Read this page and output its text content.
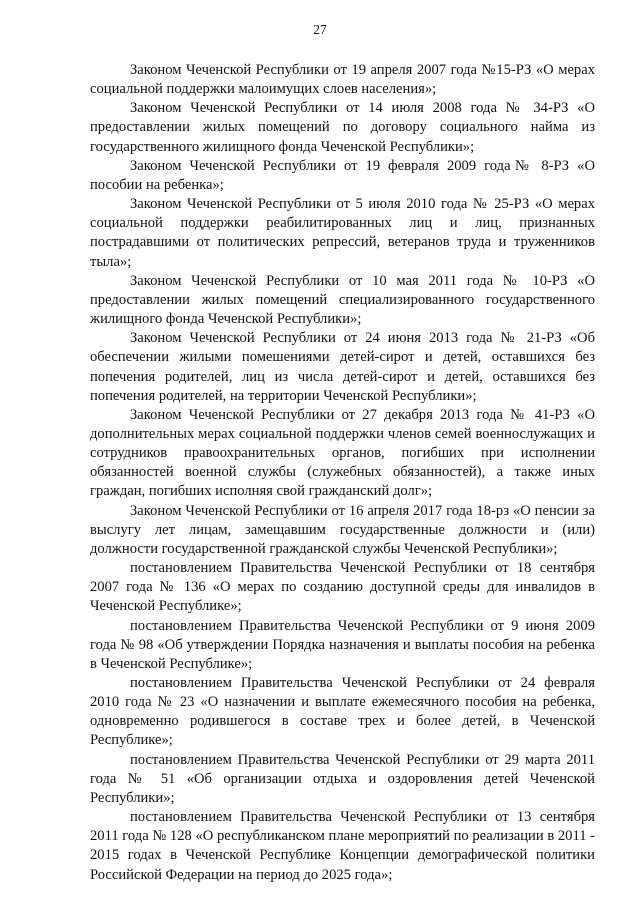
27

Законом Чеченской Республики от 19 апреля 2007 года №15-РЗ «О мерах социальной поддержки малоимущих слоев населения»;

Законом Чеченской Республики от 14 июля 2008 года № 34-РЗ «О предоставлении жилых помещений по договору социального найма из государственного жилищного фонда Чеченской Республики»;

Законом Чеченской Республики от 19 февраля 2009 года№ 8-РЗ «О пособии на ребенка»;

Законом Чеченской Республики от 5 июля 2010 года № 25-РЗ «О мерах социальной поддержки реабилитированных лиц и лиц, признанных пострадавшими от политических репрессий, ветеранов труда и труженников тыла»;

Законом Чеченской Республики от 10 мая 2011 года № 10-РЗ «О предоставлении жилых помещений специализированного государственного жилищного фонда Чеченской Республики»;

Законом Чеченской Республики от 24 июня 2013 года № 21-РЗ «Об обеспечении жилыми помешениями детей-сирот и детей, оставшихся без попечения родителей, лиц из числа детей-сирот и детей, оставшихся без попечения родителей, на территории Чеченской Республики»;

Законом Чеченской Республики от 27 декабря 2013 года № 41-РЗ «О дополнительных мерах социальной поддержки членов семей военнослужащих и сотрудников правоохранительных органов, погибших при исполнении обязанностей военной службы (служебных обязанностей), а также иных граждан, погибших исполняя свой гражданский долг»;

Законом Чеченской Республики от 16 апреля 2017 года 18-рз «О пенсии за выслугу лет лицам, замещавшим государственные должности и (или) должности государственной гражданской службы Чеченской Республики»;

постановлением Правительства Чеченской Республики от 18 сентября 2007 года № 136 «О мерах по созданию доступной среды для инвалидов в Чеченской Республике»;

постановлением Правительства Чеченской Республики от 9 июня 2009 года № 98 «Об утверждении Порядка назначения и выплаты пособия на ребенка в Чеченской Республике»;

постановлением Правительства Чеченской Республики от 24 февраля 2010 года № 23 «О назначении и выплате ежемесячного пособия на ребенка, одновременно родившегося в составе трех и более детей, в Чеченской Республике»;

постановлением Правительства Чеченской Республики от 29 марта 2011 года № 51 «Об организации отдыха и оздоровления детей Чеченской Республики»;

постановлением Правительства Чеченской Республики от 13 сентября 2011 года № 128 «О республиканском плане мероприятий по реализации в 2011 - 2015 годах в Чеченской Республике Концепции демографической политики Российской Федерации на период до 2025 года»;
